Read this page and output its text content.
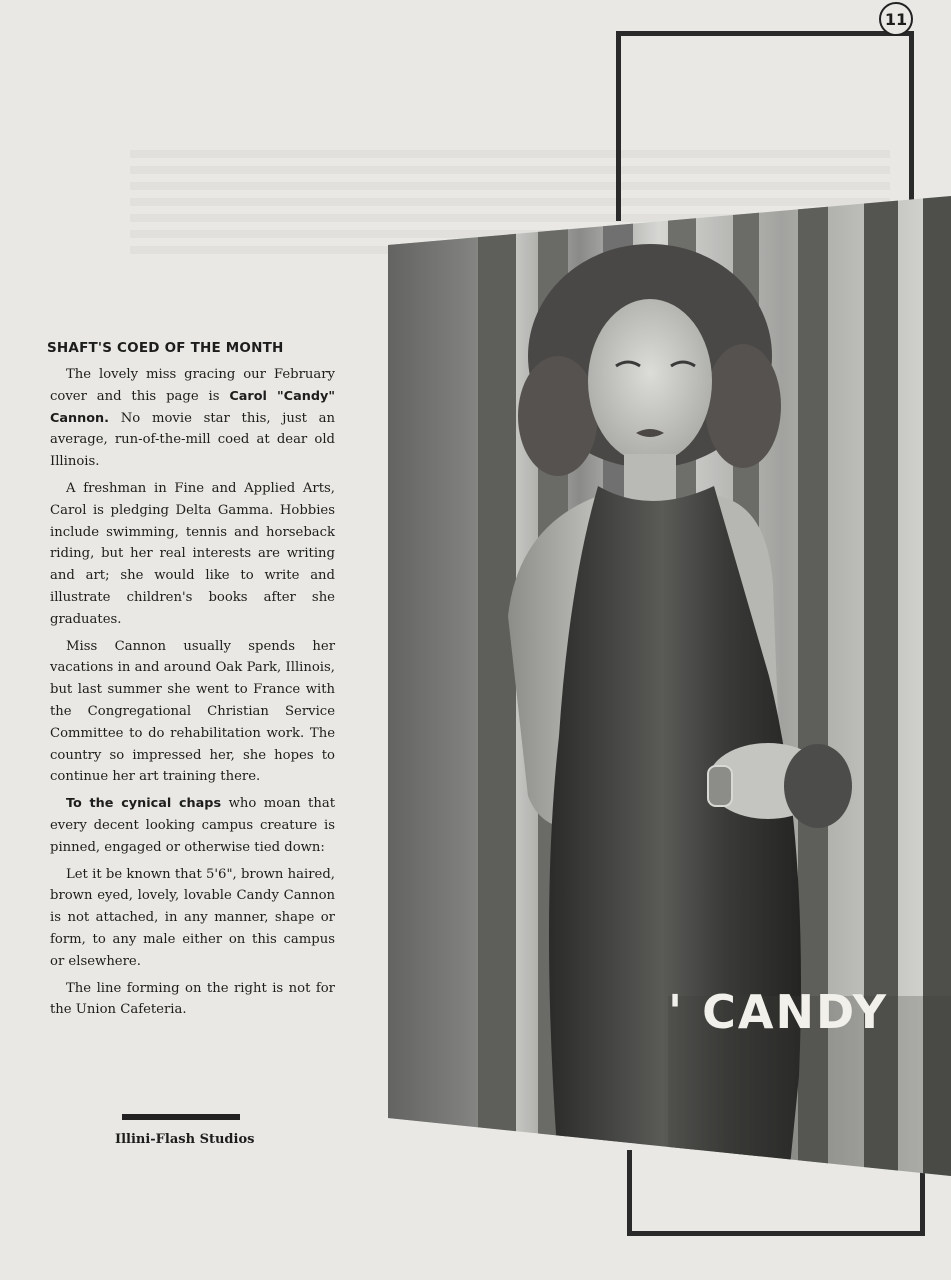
11
SHAFT'S COED OF THE MONTH

The lovely miss gracing our February cover and this page is Carol "Candy" Cannon. No movie star this, just an average, run-of-the-mill coed at dear old Illinois.

A freshman in Fine and Applied Arts, Carol is pledging Delta Gamma. Hobbies include swimming, tennis and horseback riding, but her real interests are writing and art; she would like to write and illustrate children's books after she graduates.

Miss Cannon usually spends her vacations in and around Oak Park, Illinois, but last summer she went to France with the Congregational Christian Service Committee to do rehabilitation work. The country so impressed her, she hopes to continue her art training there.

To the cynical chaps who moan that every decent looking campus creature is pinned, engaged or otherwise tied down:

Let it be known that 5'6", brown haired, brown eyed, lovely, lovable Candy Cannon is not attached, in any manner, shape or form, to any male either on this campus or elsewhere.

The line forming on the right is not for the Union Cafeteria.

Illini-Flash Studios
' CANDY
